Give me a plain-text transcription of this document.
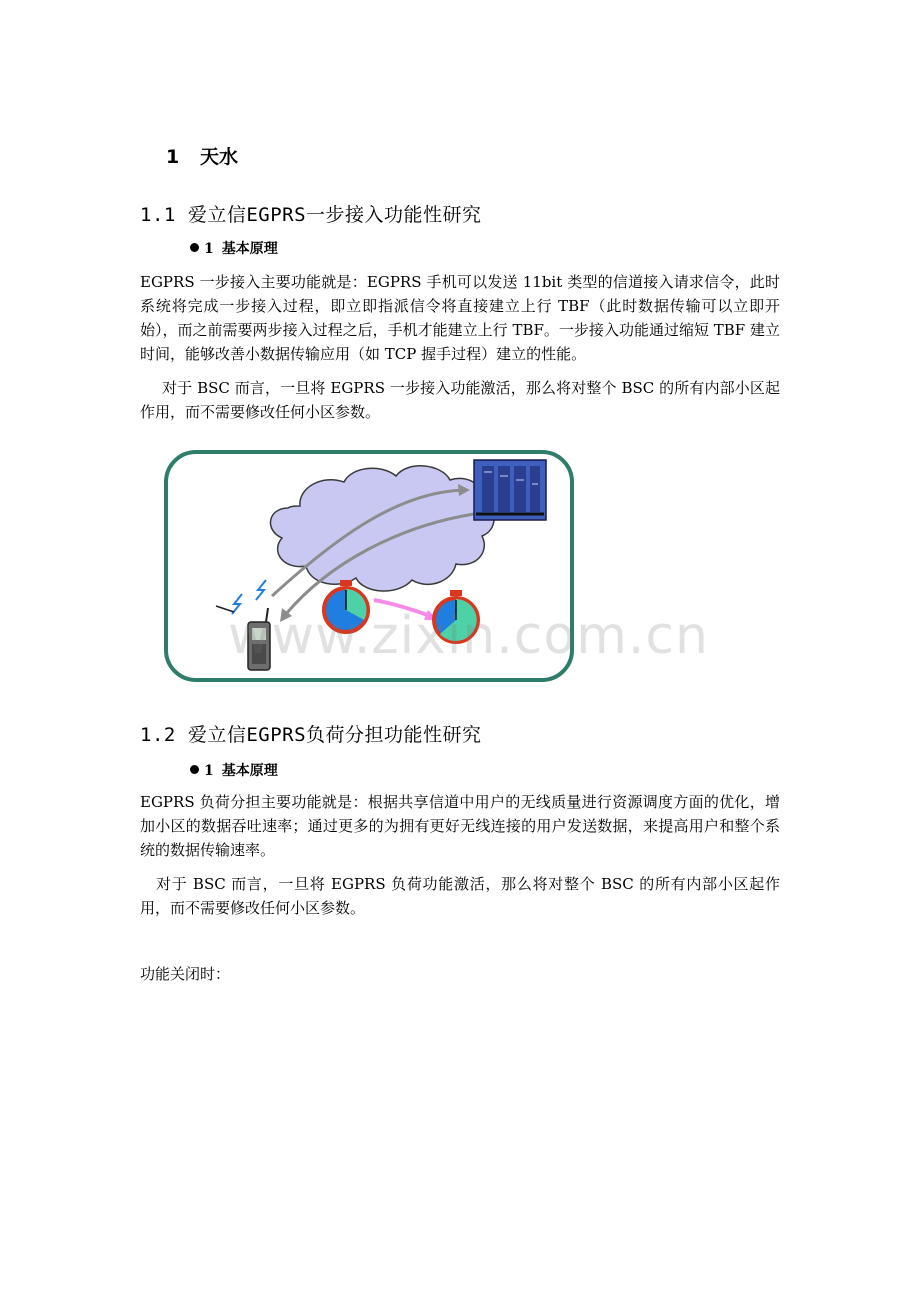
1 天水
1.1 爱立信EGPRS一步接入功能性研究
1 基本原理
EGPRS 一步接入主要功能就是：EGPRS 手机可以发送 11bit 类型的信道接入请求信令，此时系统将完成一步接入过程，即立即指派信令将直接建立上行 TBF（此时数据传输可以立即开始），而之前需要两步接入过程之后，手机才能建立上行 TBF。一步接入功能通过缩短 TBF 建立时间，能够改善小数据传输应用（如 TCP 握手过程）建立的性能。
对于 BSC 而言，一旦将 EGPRS 一步接入功能激活，那么将对整个 BSC 的所有内部小区起作用，而不需要修改任何小区参数。
www.zixin.com.cn
1.2 爱立信EGPRS负荷分担功能性研究
1 基本原理
EGPRS 负荷分担主要功能就是：根据共享信道中用户的无线质量进行资源调度方面的优化，增加小区的数据吞吐速率；通过更多的为拥有更好无线连接的用户发送数据，来提高用户和整个系统的数据传输速率。
对于 BSC 而言，一旦将 EGPRS 负荷功能激活，那么将对整个 BSC 的所有内部小区起作用，而不需要修改任何小区参数。
功能关闭时：
